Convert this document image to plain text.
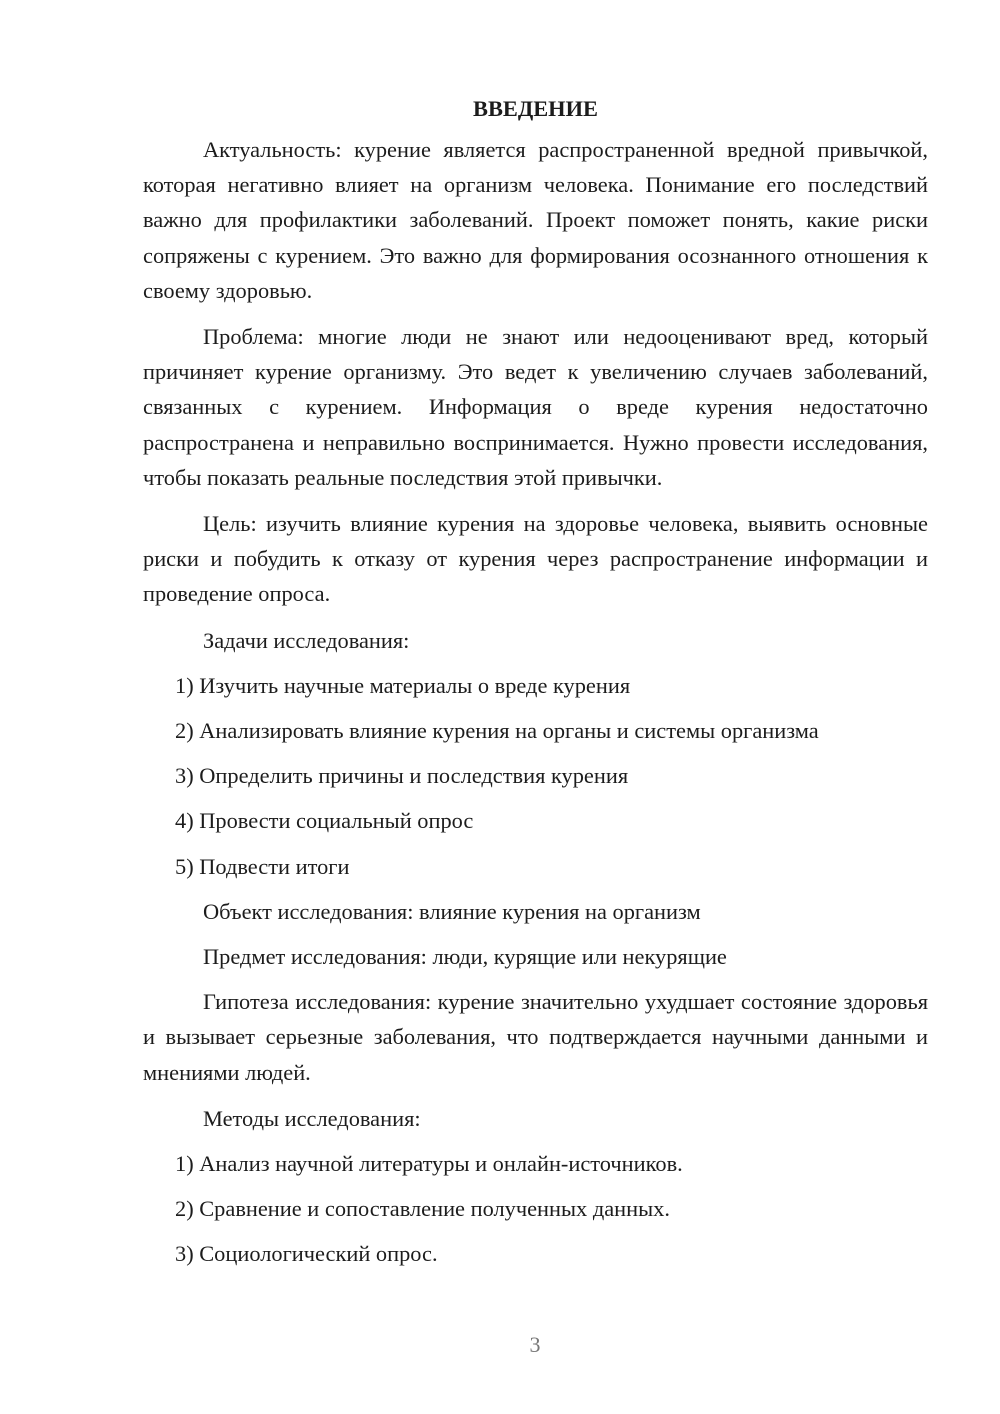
ВВЕДЕНИЕ

Актуальность: курение является распространенной вредной привычкой, которая негативно влияет на организм человека. Понимание его последствий важно для профилактики заболеваний. Проект поможет понять, какие риски сопряжены с курением. Это важно для формирования осознанного отношения к своему здоровью.

Проблема: многие люди не знают или недооценивают вред, который причиняет курение организму. Это ведет к увеличению случаев заболеваний, связанных с курением. Информация о вреде курения недостаточно распространена и неправильно воспринимается. Нужно провести исследования, чтобы показать реальные последствия этой привычки.

Цель: изучить влияние курения на здоровье человека, выявить основные риски и побудить к отказу от курения через распространение информации и проведение опроса.

Задачи исследования:
1) Изучить научные материалы о вреде курения
2) Анализировать влияние курения на органы и системы организма
3) Определить причины и последствия курения
4) Провести социальный опрос
5) Подвести итоги
Объект исследования: влияние курения на организм
Предмет исследования: люди, курящие или некурящие

Гипотеза исследования: курение значительно ухудшает состояние здоровья и вызывает серьезные заболевания, что подтверждается научными данными и мнениями людей.

Методы исследования:
1) Анализ научной литературы и онлайн-источников.
2) Сравнение и сопоставление полученных данных.
3) Социологический опрос.
3
